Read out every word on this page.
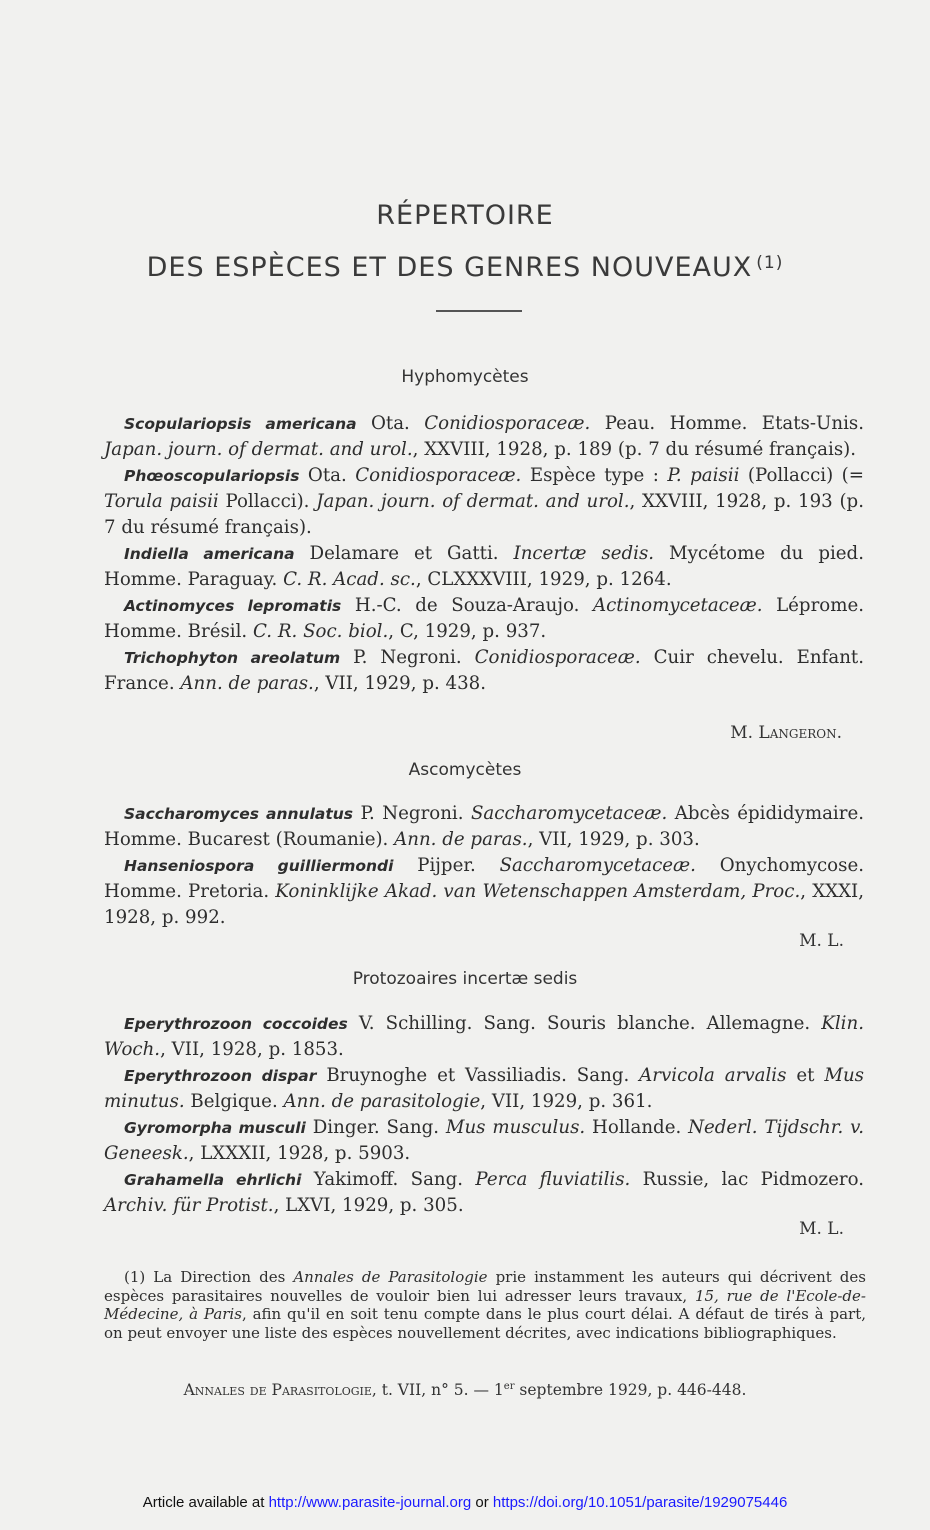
RÉPERTOIRE
DES ESPÈCES ET DES GENRES NOUVEAUX $^{(1)}$
Hyphomycètes

Scopulariopsis americana Ota. Conidiosporaceæ. Peau. Homme. Etats-Unis. Japan. journ. of dermat. and urol., XXVIII, 1928, p. 189 (p. 7 du résumé français).

Phœoscopulariopsis Ota. Conidiosporaceæ. Espèce type : P. paisii (Pollacci) (= Torula paisii Pollacci). Japan. journ. of dermat. and urol., XXVIII, 1928, p. 193 (p. 7 du résumé français).

Indiella americana Delamare et Gatti. Incertæ sedis. Mycétome du pied. Homme. Paraguay. C. R. Acad. sc., CLXXXVIII, 1929, p. 1264.

Actinomyces lepromatis H.-C. de Souza-Araujo. Actinomycetaceæ. Léprome. Homme. Brésil. C. R. Soc. biol., C, 1929, p. 937.

Trichophyton areolatum P. Negroni. Conidiosporaceæ. Cuir chevelu. Enfant. France. Ann. de paras., VII, 1929, p. 438.

M. Langeron.
Ascomycètes

Saccharomyces annulatus P. Negroni. Saccharomycetaceæ. Abcès épididymaire. Homme. Bucarest (Roumanie). Ann. de paras., VII, 1929, p. 303.

Hanseniospora guilliermondi Pijper. Saccharomycetaceæ. Onychomycose. Homme. Pretoria. Koninklijke Akad. van Wetenschappen Amsterdam, Proc., XXXI, 1928, p. 992.

M. L.
Protozoaires incertæ sedis

Eperythrozoon coccoides V. Schilling. Sang. Souris blanche. Allemagne. Klin. Woch., VII, 1928, p. 1853.

Eperythrozoon dispar Bruynoghe et Vassiliadis. Sang. Arvicola arvalis et Mus minutus. Belgique. Ann. de parasitologie, VII, 1929, p. 361.

Gyromorpha musculi Dinger. Sang. Mus musculus. Hollande. Nederl. Tijdschr. v. Geneesk., LXXXII, 1928, p. 5903.

Grahamella ehrlichi Yakimoff. Sang. Perca fluviatilis. Russie, lac Pidmozero. Archiv. für Protist., LXVI, 1929, p. 305.

M. L.
(1) La Direction des Annales de Parasitologie prie instamment les auteurs qui décrivent des espèces parasitaires nouvelles de vouloir bien lui adresser leurs travaux, 15, rue de l'Ecole-de-Médecine, à Paris, afin qu'il en soit tenu compte dans le plus court délai. A défaut de tirés à part, on peut envoyer une liste des espèces nouvellement décrites, avec indications bibliographiques.
Annales de Parasitologie, t. VII, n° 5. — 1er septembre 1929, p. 446-448.
Article available at http://www.parasite-journal.org or https://doi.org/10.1051/parasite/1929075446
